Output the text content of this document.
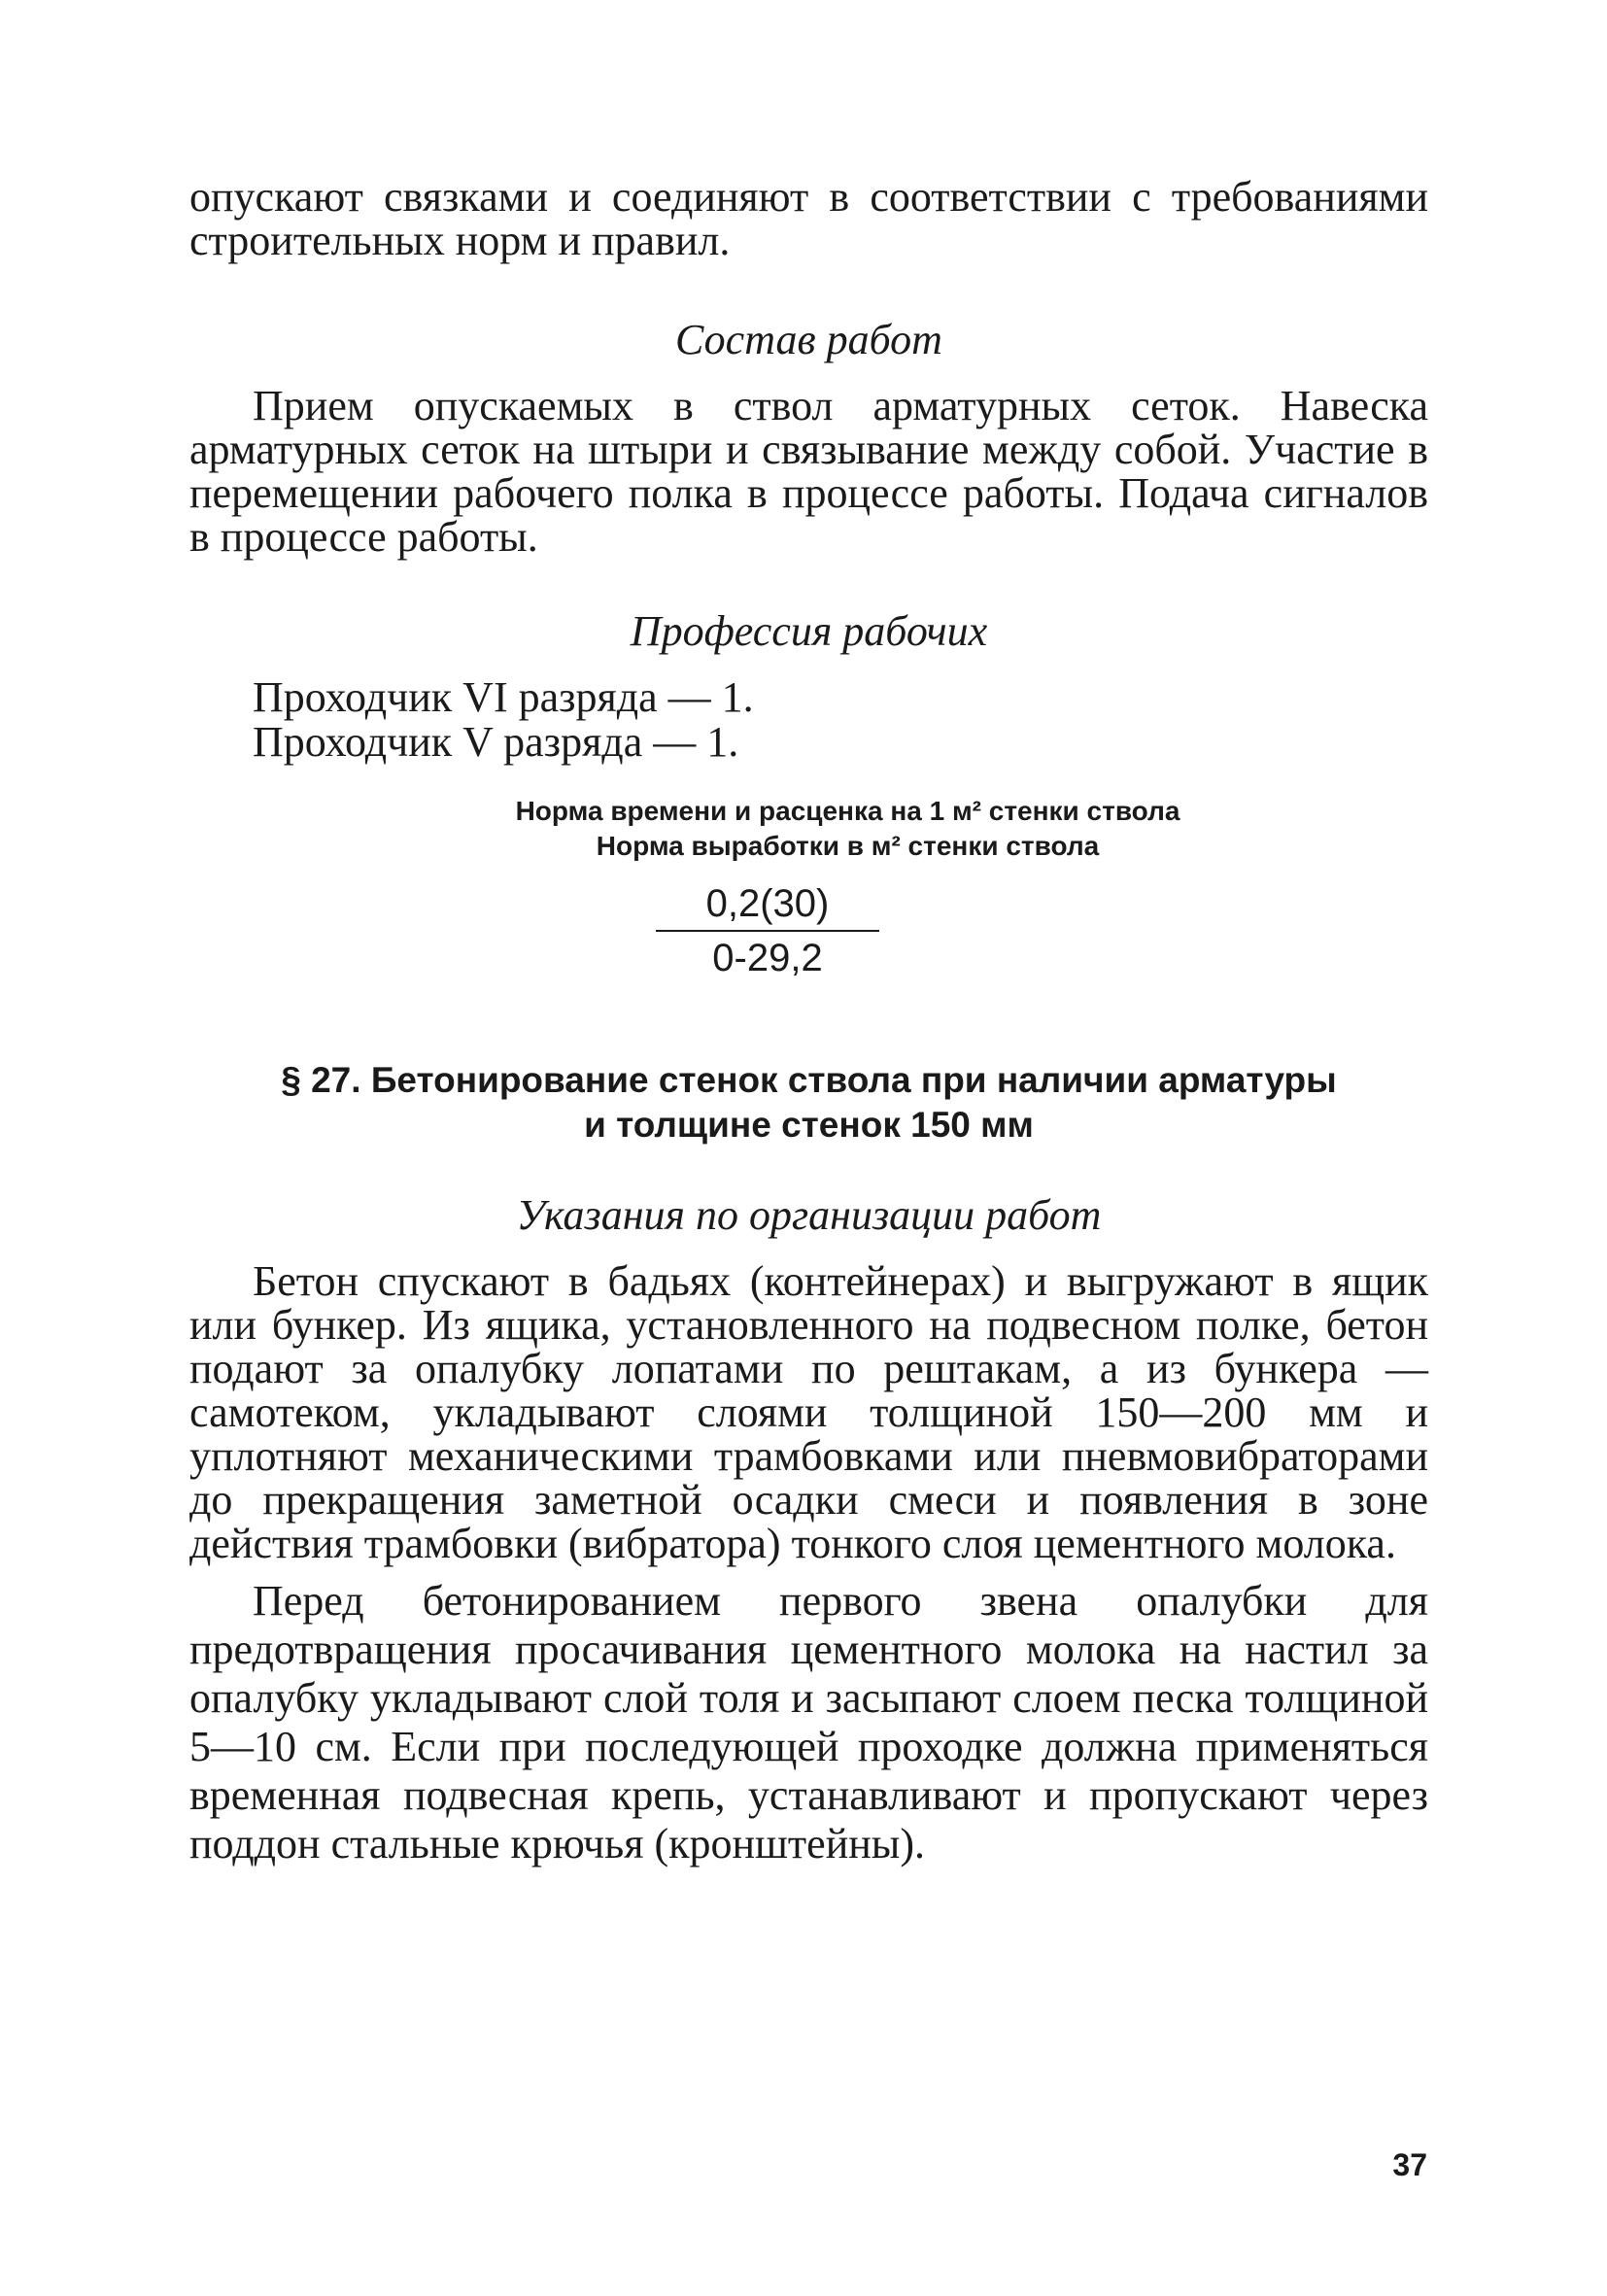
опускают связками и соединяют в соответствии с требованиями строительных норм и правил.

Состав работ

Прием опускаемых в ствол арматурных сеток. Навеска арматурных сеток на штыри и связывание между собой. Участие в перемещении рабочего полка в процессе работы. Подача сигналов в процессе работы.

Профессия рабочих

Проходчик VI разряда — 1.

Проходчик V разряда — 1.

Норма времени и расценка на 1 м² стенки ствола

Норма выработки в м² стенки ствола

0,2(30)
0-29,2

§ 27. Бетонирование стенок ствола при наличии арматуры

и толщине стенок 150 мм

Указания по организации работ

Бетон спускают в бадьях (контейнерах) и выгружают в ящик или бункер. Из ящика, установленного на подвесном полке, бетон подают за опалубку лопатами по рештакам, а из бункера — самотеком, укладывают слоями толщиной 150—200 мм и уплотняют механическими трамбовками или пневмовибраторами до прекращения заметной осадки смеси и появления в зоне действия трамбовки (вибратора) тонкого слоя цементного молока.

Перед бетонированием первого звена опалубки для предотвращения просачивания цементного молока на настил за опалубку укладывают слой толя и засыпают слоем песка толщиной 5—10 см. Если при последующей проходке должна применяться временная подвесная крепь, устанавливают и пропускают через поддон стальные крючья (кронштейны).

37
